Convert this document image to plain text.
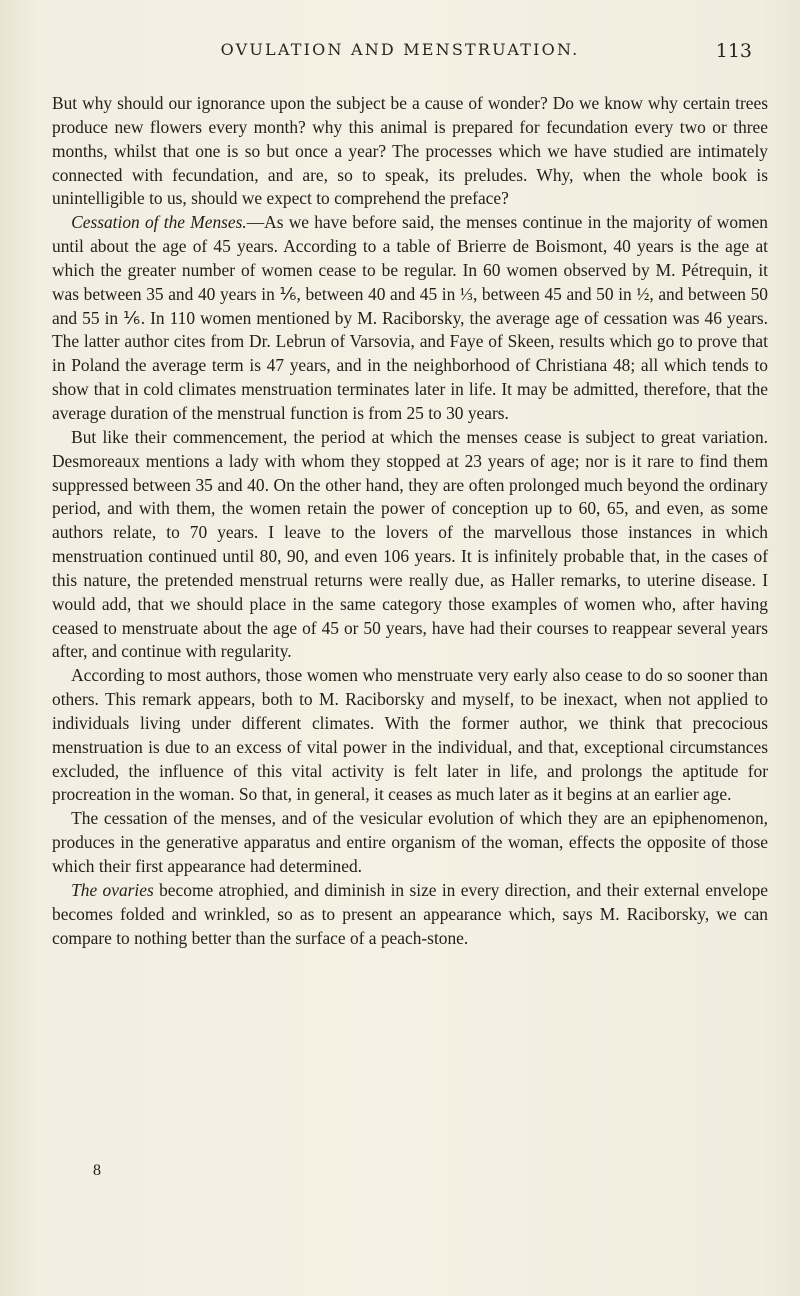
OVULATION AND MENSTRUATION.	113

But why should our ignorance upon the subject be a cause of wonder? Do we know why certain trees produce new flowers every month? why this animal is prepared for fecundation every two or three months, whilst that one is so but once a year? The processes which we have studied are intimately connected with fecundation, and are, so to speak, its preludes. Why, when the whole book is unintelligible to us, should we expect to comprehend the preface?

Cessation of the Menses.—As we have before said, the menses continue in the majority of women until about the age of 45 years. According to a table of Brierre de Boismont, 40 years is the age at which the greater number of women cease to be regular. In 60 women observed by M. Pétrequin, it was between 35 and 40 years in ⅙, between 40 and 45 in ⅓, between 45 and 50 in ½, and between 50 and 55 in ⅙. In 110 women mentioned by M. Raciborsky, the average age of cessation was 46 years. The latter author cites from Dr. Lebrun of Varsovia, and Faye of Skeen, results which go to prove that in Poland the average term is 47 years, and in the neighborhood of Christiana 48; all which tends to show that in cold climates menstruation terminates later in life. It may be admitted, therefore, that the average duration of the menstrual function is from 25 to 30 years.

But like their commencement, the period at which the menses cease is subject to great variation. Desmoreaux mentions a lady with whom they stopped at 23 years of age; nor is it rare to find them suppressed between 35 and 40. On the other hand, they are often prolonged much beyond the ordinary period, and with them, the women retain the power of conception up to 60, 65, and even, as some authors relate, to 70 years. I leave to the lovers of the marvellous those instances in which menstruation continued until 80, 90, and even 106 years. It is infinitely probable that, in the cases of this nature, the pretended menstrual returns were really due, as Haller remarks, to uterine disease. I would add, that we should place in the same category those examples of women who, after having ceased to menstruate about the age of 45 or 50 years, have had their courses to reappear several years after, and continue with regularity.

According to most authors, those women who menstruate very early also cease to do so sooner than others. This remark appears, both to M. Raciborsky and myself, to be inexact, when not applied to individuals living under different climates. With the former author, we think that precocious menstruation is due to an excess of vital power in the individual, and that, exceptional circumstances excluded, the influence of this vital activity is felt later in life, and prolongs the aptitude for procreation in the woman. So that, in general, it ceases as much later as it begins at an earlier age.

The cessation of the menses, and of the vesicular evolution of which they are an epiphenomenon, produces in the generative apparatus and entire organism of the woman, effects the opposite of those which their first appearance had determined.

The ovaries become atrophied, and diminish in size in every direction, and their external envelope becomes folded and wrinkled, so as to present an appearance which, says M. Raciborsky, we can compare to nothing better than the surface of a peach-stone.

8
